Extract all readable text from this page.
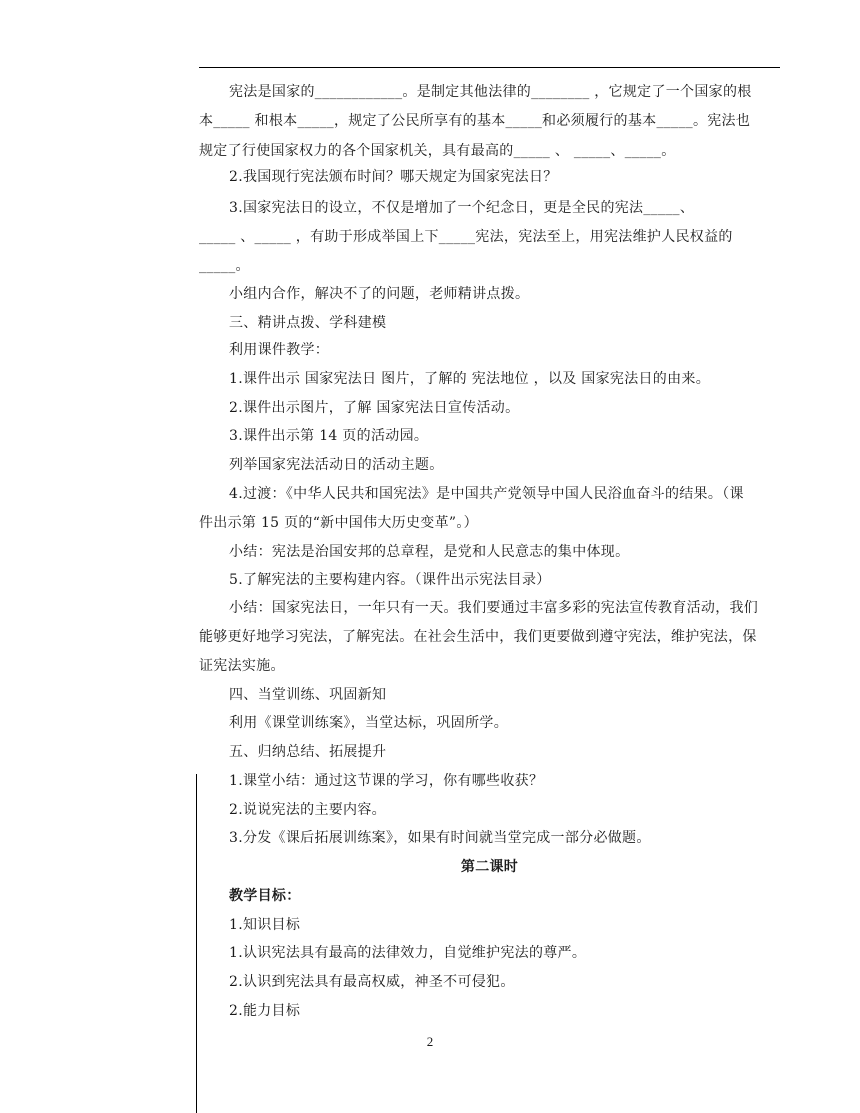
宪法是国家的____________。是制定其他法律的________ ，它规定了一个国家的根
本_____ 和根本_____，规定了公民所享有的基本_____和必须履行的基本_____。宪法也
规定了行使国家权力的各个国家机关，具有最高的_____ 、 _____、_____。
2.我国现行宪法颁布时间？哪天规定为国家宪法日？
3.国家宪法日的设立，不仅是增加了一个纪念日，更是全民的宪法_____、
_____ 、_____ ，有助于形成举国上下_____宪法，宪法至上，用宪法维护人民权益的
_____。
小组内合作，解决不了的问题，老师精讲点拨。
三、精讲点拨、学科建模
利用课件教学：
1.课件出示 国家宪法日 图片，了解的 宪法地位 ，以及 国家宪法日的由来。
2.课件出示图片，了解 国家宪法日宣传活动。
3.课件出示第 14 页的活动园。
列举国家宪法活动日的活动主题。
4.过渡：《中华人民共和国宪法》是中国共产党领导中国人民浴血奋斗的结果。（课
件出示第 15 页的“新中国伟大历史变革”。）
小结：宪法是治国安邦的总章程，是党和人民意志的集中体现。
5.了解宪法的主要构建内容。（课件出示宪法目录）
小结：国家宪法日，一年只有一天。我们要通过丰富多彩的宪法宣传教育活动，我们
能够更好地学习宪法，了解宪法。在社会生活中，我们更要做到遵守宪法，维护宪法，保
证宪法实施。
四、当堂训练、巩固新知
利用《课堂训练案》，当堂达标，巩固所学。
五、归纳总结、拓展提升
1.课堂小结：通过这节课的学习，你有哪些收获？
2.说说宪法的主要内容。
3.分发《课后拓展训练案》，如果有时间就当堂完成一部分必做题。
第二课时
教学目标：
1.知识目标
1.认识宪法具有最高的法律效力，自觉维护宪法的尊严。
2.认识到宪法具有最高权威，神圣不可侵犯。
2.能力目标
2
